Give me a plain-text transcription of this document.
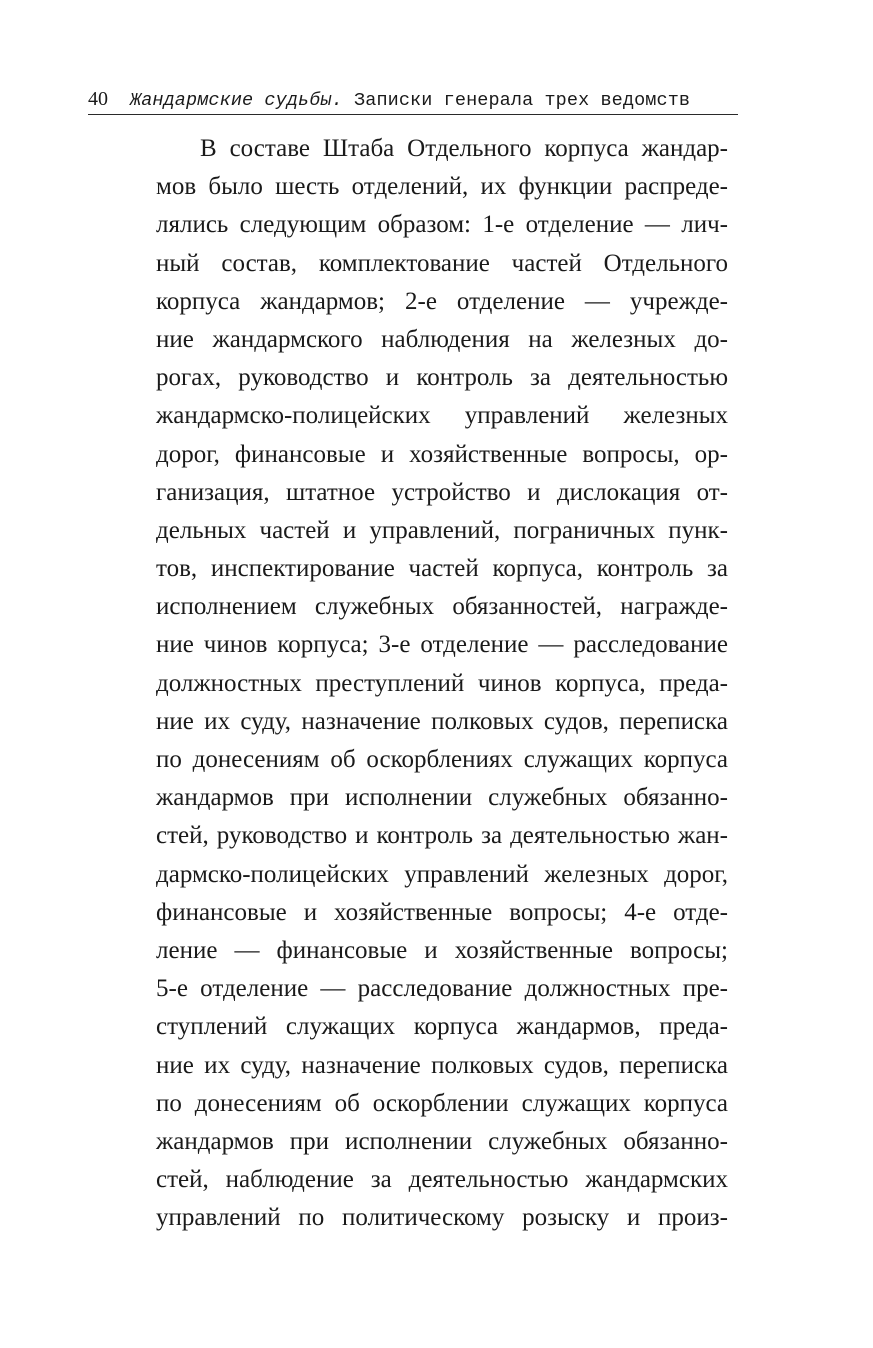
40 Жандармские судьбы. Записки генерала трех ведомств
В составе Штаба Отдельного корпуса жандар-
мов было шесть отделений, их функции распреде-
лялись следующим образом: 1-е отделение — лич-
ный состав, комплектование частей Отдельного
корпуса жандармов; 2-е отделение — учрежде-
ние жандармского наблюдения на железных до-
рогах, руководство и контроль за деятельностью
жандармско-полицейских управлений железных
дорог, финансовые и хозяйственные вопросы, ор-
ганизация, штатное устройство и дислокация от-
дельных частей и управлений, пограничных пунк-
тов, инспектирование частей корпуса, контроль за
исполнением служебных обязанностей, награжде-
ние чинов корпуса; 3-е отделение — расследование
должностных преступлений чинов корпуса, преда-
ние их суду, назначение полковых судов, переписка
по донесениям об оскорблениях служащих корпуса
жандармов при исполнении служебных обязанно-
стей, руководство и контроль за деятельностью жан-
дармско-полицейских управлений железных дорог,
финансовые и хозяйственные вопросы; 4-е отде-
ление — финансовые и хозяйственные вопросы;
5-е отделение — расследование должностных пре-
ступлений служащих корпуса жандармов, преда-
ние их суду, назначение полковых судов, переписка
по донесениям об оскорблении служащих корпуса
жандармов при исполнении служебных обязанно-
стей, наблюдение за деятельностью жандармских
управлений по политическому розыску и произ-
